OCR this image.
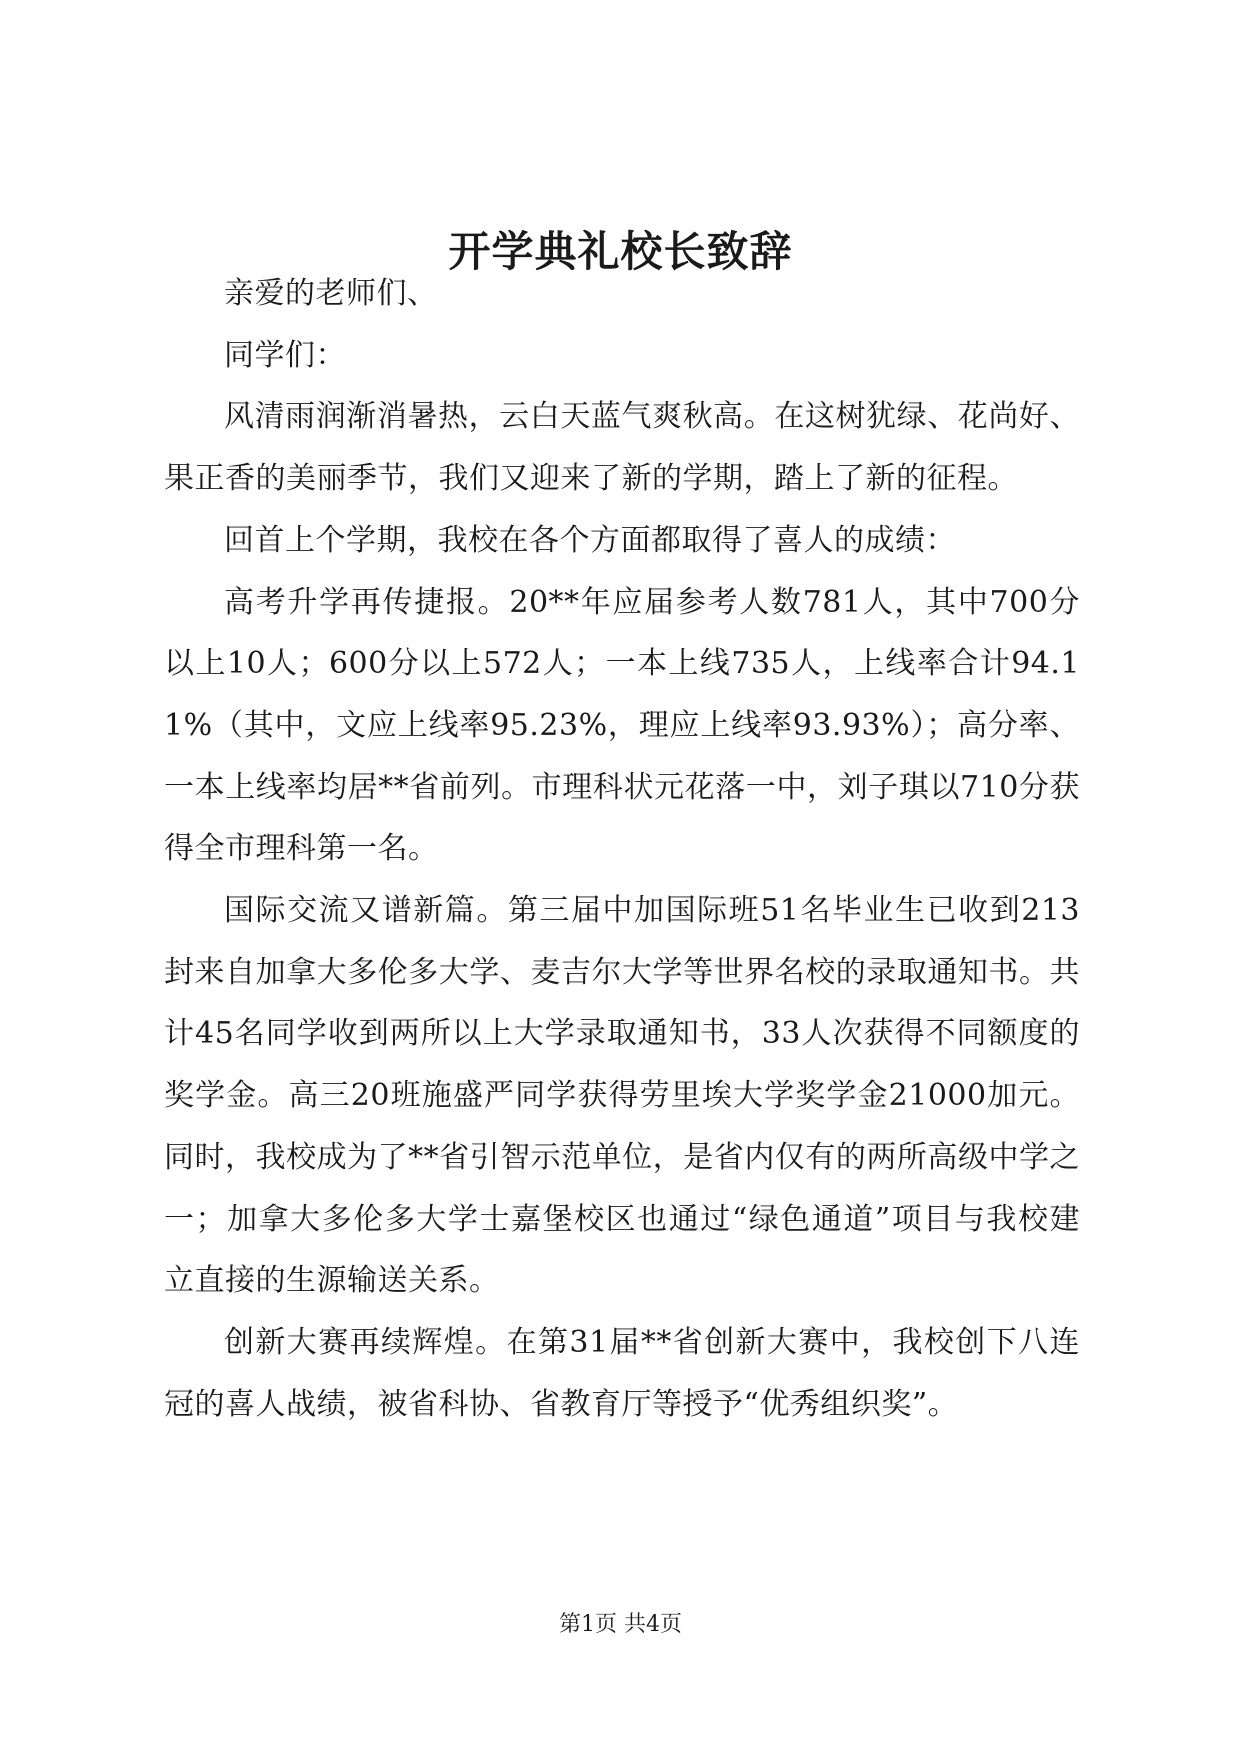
开学典礼校长致辞

亲爱的老师们、

同学们：

风清雨润渐消暑热，云白天蓝气爽秋高。在这树犹绿、花尚好、果正香的美丽季节，我们又迎来了新的学期，踏上了新的征程。

回首上个学期，我校在各个方面都取得了喜人的成绩：

高考升学再传捷报。20**年应届参考人数781人，其中700分以上10人；600分以上572人；一本上线735人，上线率合计94.11%（其中，文应上线率95.23%，理应上线率93.93%）；高分率、一本上线率均居**省前列。市理科状元花落一中，刘子琪以710分获得全市理科第一名。

国际交流又谱新篇。第三届中加国际班51名毕业生已收到213封来自加拿大多伦多大学、麦吉尔大学等世界名校的录取通知书。共计45名同学收到两所以上大学录取通知书，33人次获得不同额度的奖学金。高三20班施盛严同学获得劳里埃大学奖学金21000加元。同时，我校成为了**省引智示范单位，是省内仅有的两所高级中学之一；加拿大多伦多大学士嘉堡校区也通过“绿色通道”项目与我校建立直接的生源输送关系。

创新大赛再续辉煌。在第31届**省创新大赛中，我校创下八连冠的喜人战绩，被省科协、省教育厅等授予“优秀组织奖”。

第1页 共4页
